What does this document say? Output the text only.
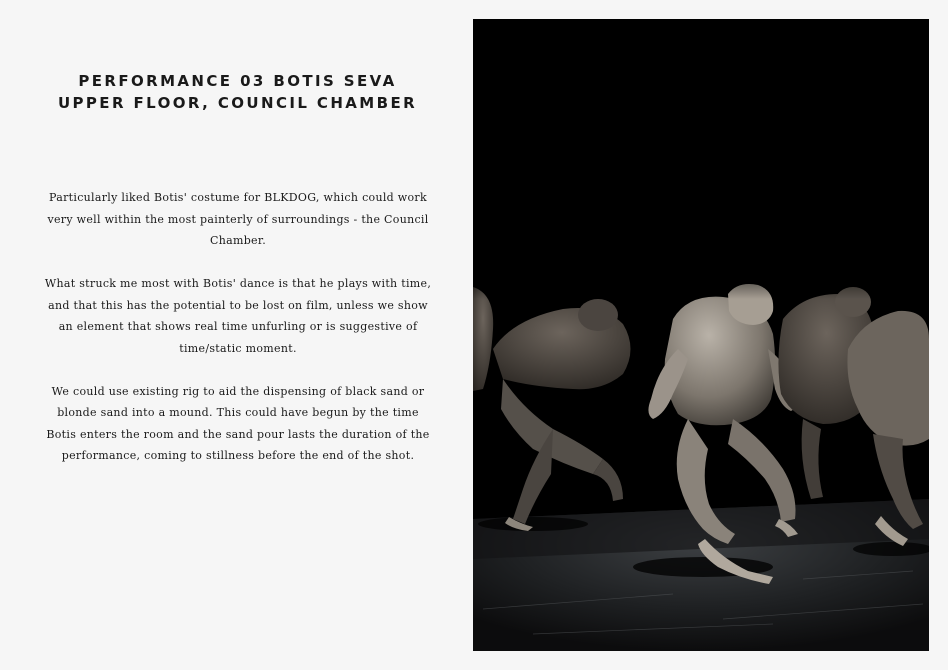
PERFORMANCE 03 BOTIS SEVA
UPPER FLOOR, COUNCIL CHAMBER

Particularly liked Botis' costume for BLKDOG, which could work very well within the most painterly of surroundings - the Council Chamber.

What struck me most with Botis' dance is that he plays with time, and that this has the potential to be lost on film, unless we show an element that shows real time unfurling or is suggestive of time/static moment.

We could use existing rig to aid the dispensing of black sand or blonde sand into a mound. This could have begun by the time Botis enters the room and the sand pour lasts the duration of the performance, coming to stillness before the end of the shot.
